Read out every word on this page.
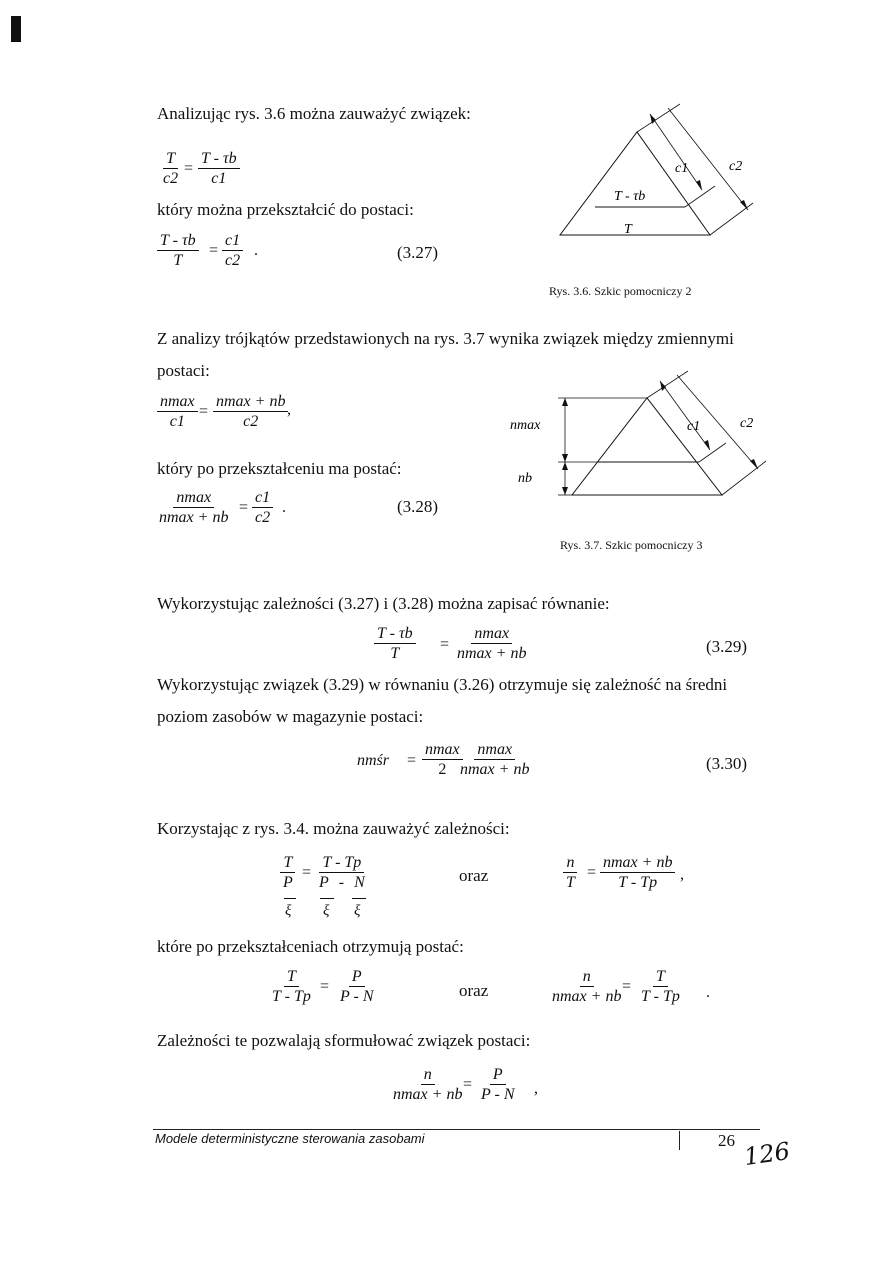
Analizując rys. 3.6 można zauważyć związek:
$\frac{T}{c2} = \frac{T - \tau b}{c1}$
który można przekształcić do postaci:
$\frac{T - \tau b}{T} = \frac{c1}{c2}$ .	(3.27)
c1	c2
T - τb
T
Rys. 3.6. Szkic pomocniczy 2
Z analizy trójkątów przedstawionych na rys. 3.7 wynika związek między zmiennymi
postaci:
nmax
c1
=
nmax + nb
c2
,
który po przekształceniu ma postać:
nmax
nmax + nb
= $\frac{c1}{c2}$ .	(3.28)
nmax
nb
c1	c2
Rys. 3.7. Szkic pomocniczy 3
Wykorzystując zależności (3.27) i (3.28) można zapisać równanie:
$\frac{T - \tau b}{T}$ =
nmax
nmax + nb	(3.29)
Wykorzystując związek (3.29) w równaniu (3.26) otrzymuje się zależność na średni
poziom zasobów w magazynie postaci:
nmśr =
nmax
2
nmax
nmax + nb	(3.30)
Korzystając z rys. 3.4. można zauważyć zależności:
$\frac{T}{P} = \frac{T - Tp}{P - N}$
ξ ξ ξ
oraz	$\frac{n}{T}$ =
nmax + nb
T - Tp ,
które po przekształceniach otrzymują postać:
$\frac{T}{T - Tp} = \frac{P}{P - N}$	oraz
n
nmax + nb
= $\frac{T}{T - Tp}$ .
Zależności te pozwalają sformułować związek postaci:
n
nmax + nb
= $\frac{P}{P - N}$ ,
Modele deterministyczne sterowania zasobami	26 126
